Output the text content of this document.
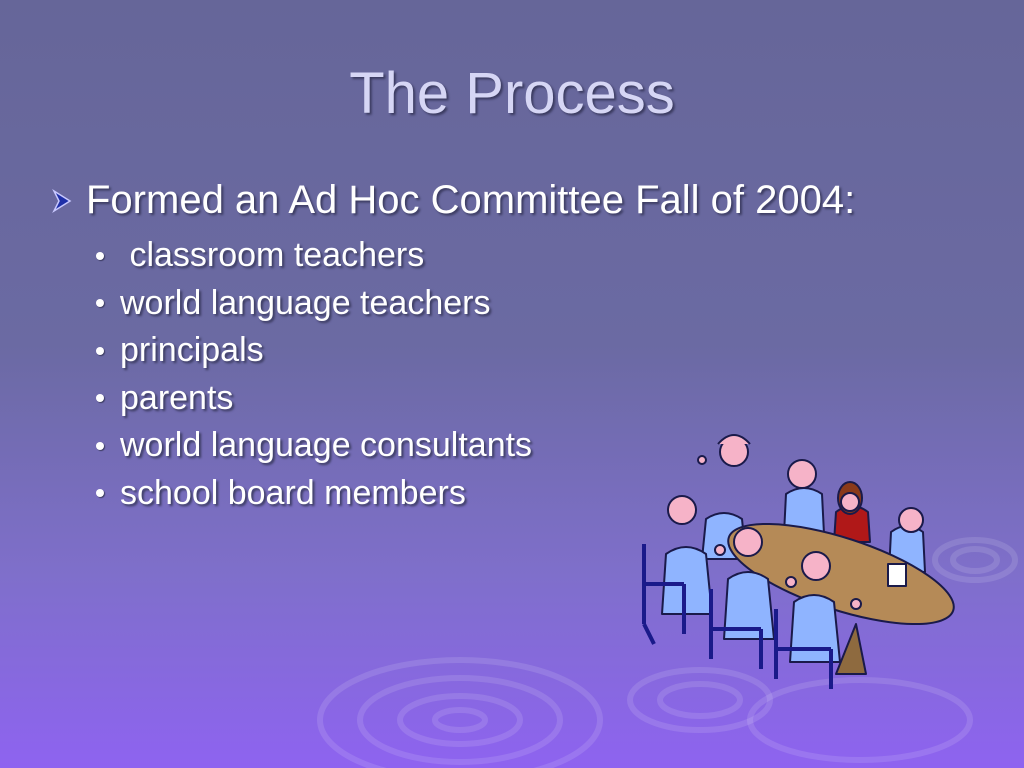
The Process
Formed an Ad Hoc Committee Fall of 2004:
classroom teachers
world language teachers
principals
parents
world language consultants
school board members
